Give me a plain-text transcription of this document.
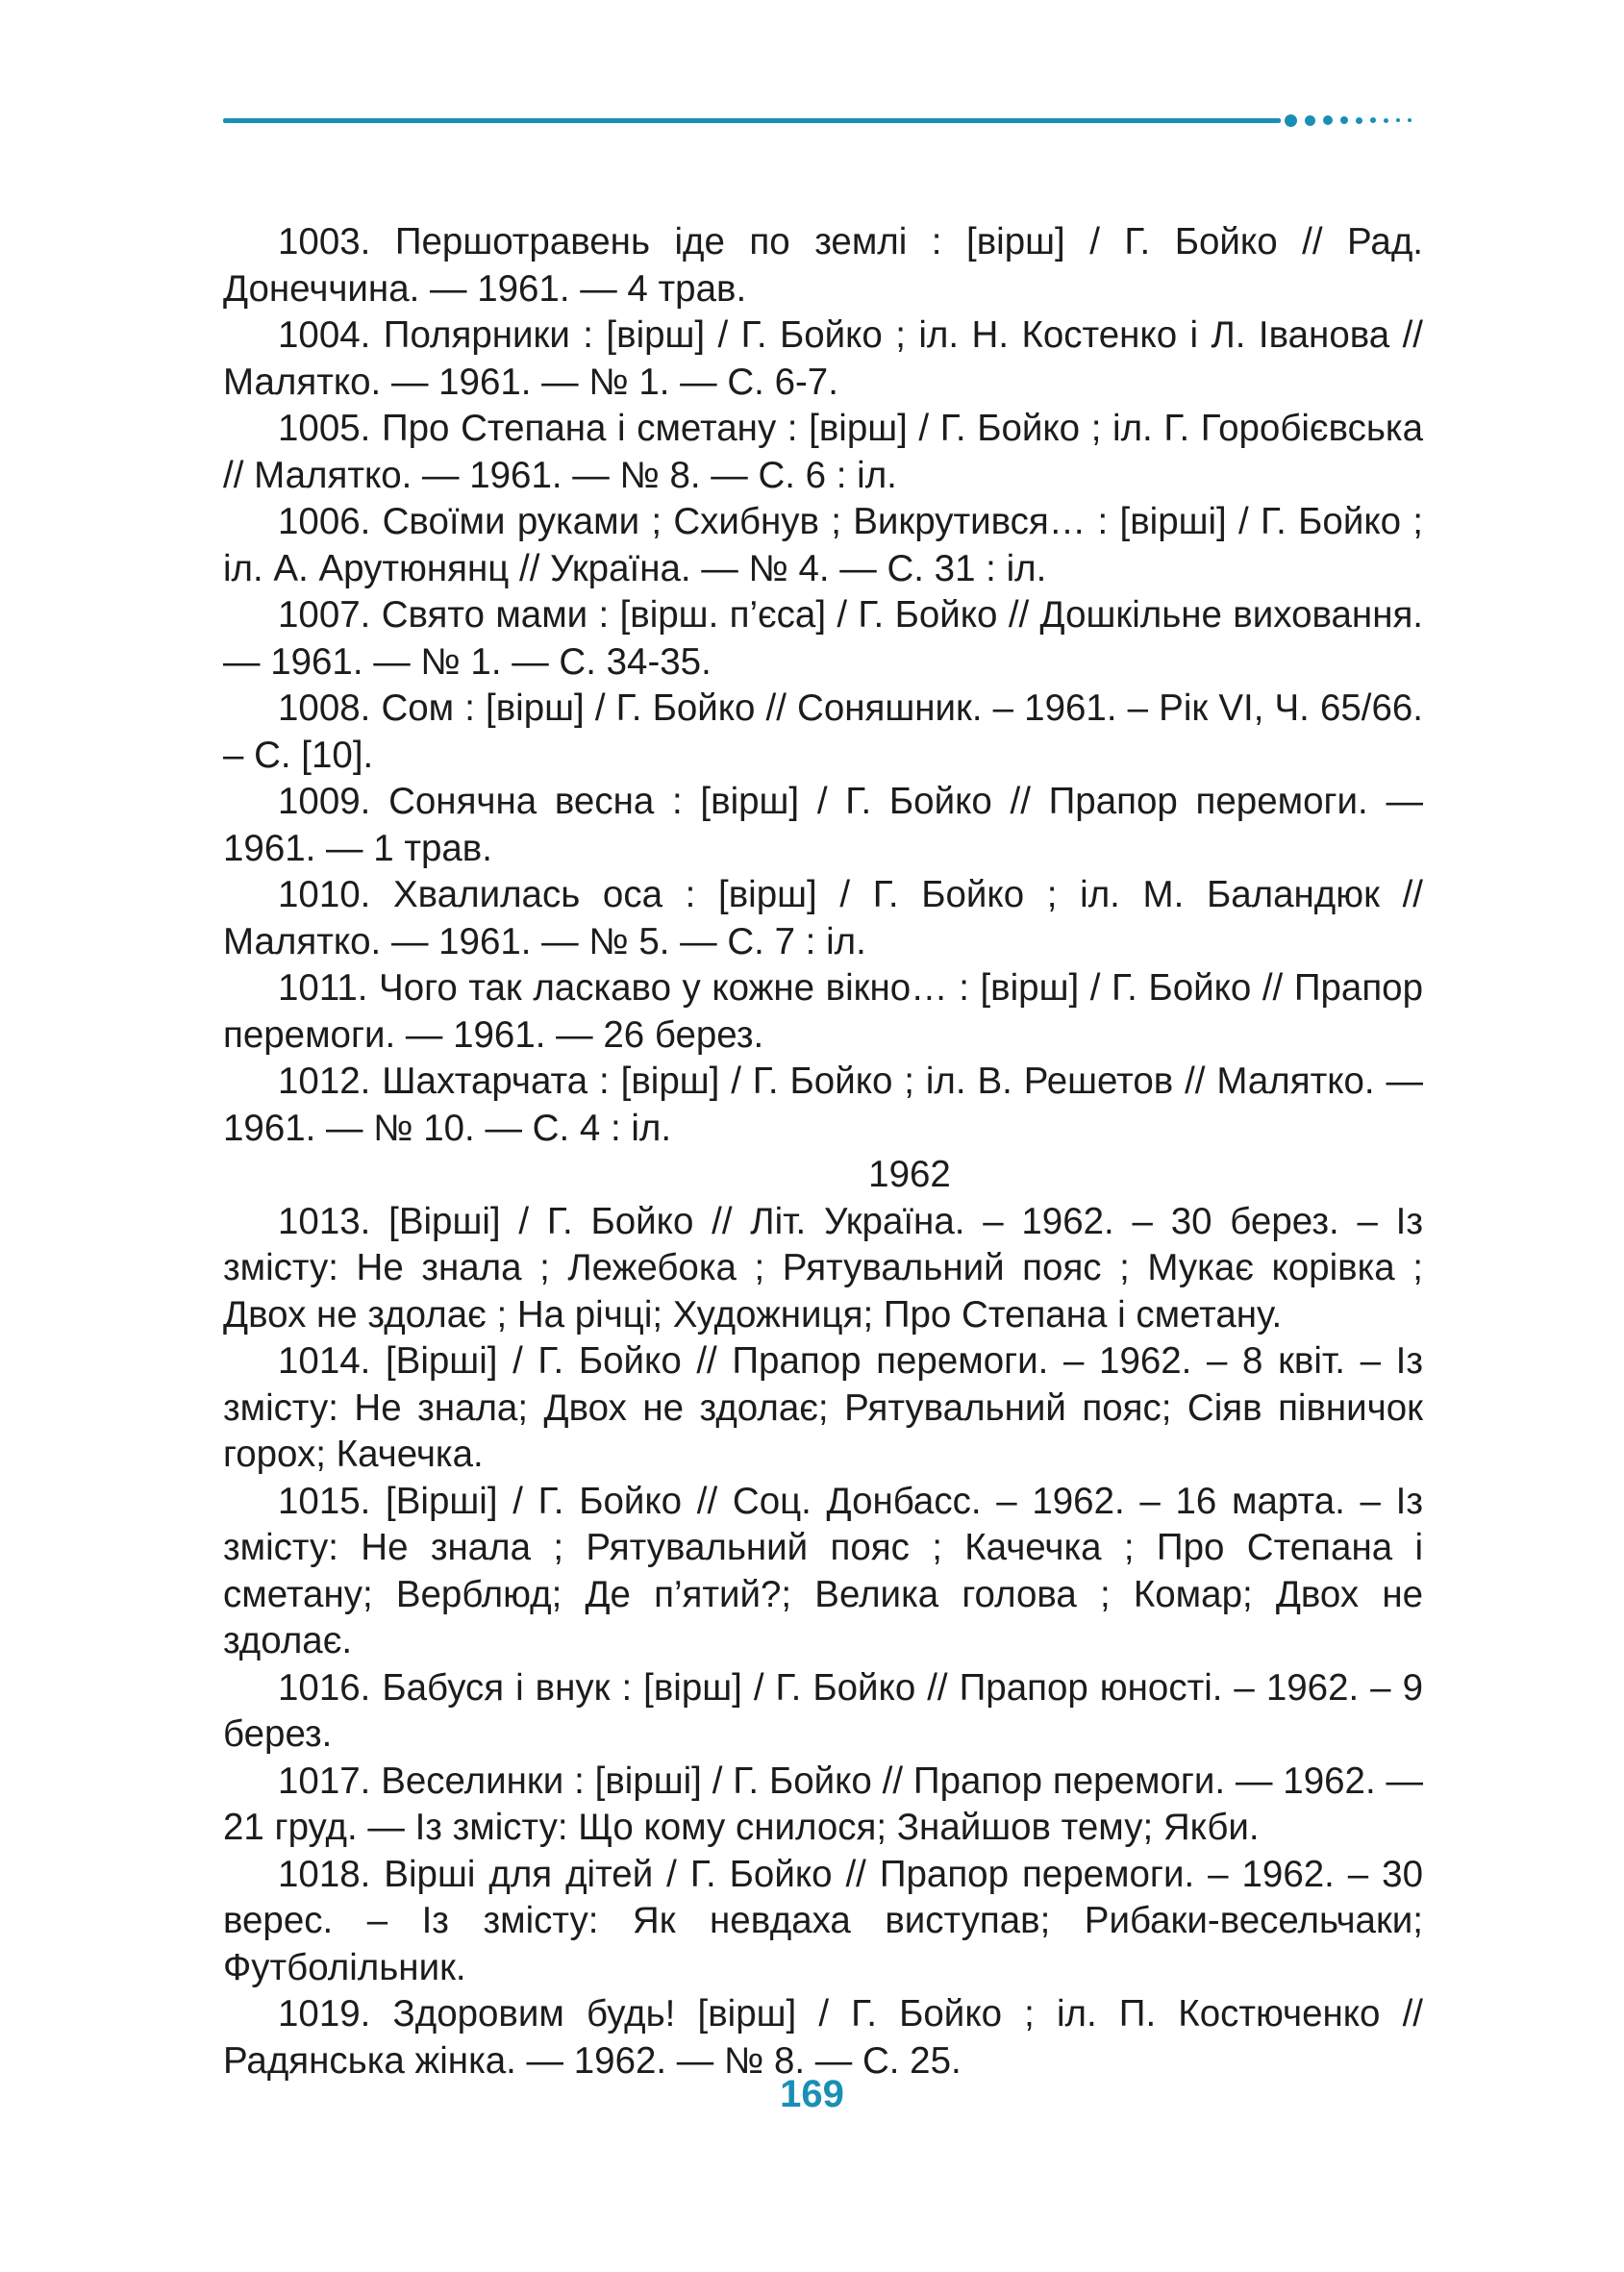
1003. Першотравень іде по землі : [вірш] / Г. Бойко // Рад. Донеччина. — 1961. — 4 трав.

1004. Полярники : [вірш] / Г. Бойко ; іл. Н. Костенко і Л. Іванова // Малятко. — 1961. — № 1. — С. 6-7.

1005. Про Степана і сметану : [вірш] / Г. Бойко ; іл. Г. Горобієвська // Малятко. — 1961. — № 8. — С. 6 : іл.

1006. Своїми руками ; Схибнув ; Викрутився… : [вірші] / Г. Бойко ; іл. А. Арутюнянц // Україна. — № 4. — С. 31 : іл.

1007. Свято мами : [вірш. п’єса] / Г. Бойко // Дошкільне виховання. — 1961. — № 1. — С. 34-35.

1008. Сом : [вірш] / Г. Бойко // Соняшник. – 1961. – Рік VI, Ч. 65/66. – С. [10].

1009. Сонячна весна : [вірш] / Г. Бойко // Прапор перемоги. — 1961. — 1 трав.

1010. Хвалилась оса : [вірш] / Г. Бойко ; іл. М. Баландюк // Малятко. — 1961. — № 5. — С. 7 : іл.

1011. Чого так ласкаво у кожне вікно… : [вірш] / Г. Бойко // Прапор перемоги. — 1961. — 26 берез.

1012. Шахтарчата : [вірш] / Г. Бойко ; іл. В. Решетов // Малятко. — 1961. — № 10. — С. 4 : іл.

1962

1013. [Вірші] / Г. Бойко // Літ. Україна. – 1962. – 30 берез. – Із змісту: Не знала ; Лежебока ; Рятувальний пояс ; Мукає корівка ; Двох не здолає ; На річці; Художниця; Про Степана і сметану.

1014. [Вірші] / Г. Бойко // Прапор перемоги. – 1962. – 8 квіт. – Із змісту: Не знала; Двох не здолає; Рятувальний пояс; Сіяв півничок горох; Качечка.

1015. [Вірші] / Г. Бойко // Соц. Донбасс. – 1962. – 16 марта. – Із змісту: Не знала ; Рятувальний пояс ; Качечка ; Про Степана і сметану; Верблюд; Де п’ятий?; Велика голова ; Комар; Двох не здолає.

1016. Бабуся і внук : [вірш] / Г. Бойко // Прапор юності. – 1962. – 9 берез.

1017. Веселинки : [вірші] / Г. Бойко // Прапор перемоги. — 1962. — 21 груд. — Із змісту: Що кому снилося; Знайшов тему; Якби.

1018. Вірші для дітей / Г. Бойко // Прапор перемоги. – 1962. – 30 верес. – Із змісту: Як невдаха виступав; Рибаки-весельчаки; Футболільник.

1019. Здоровим будь! [вірш] / Г. Бойко ; іл. П. Костюченко // Радянська жінка. — 1962. — № 8. — С. 25.

169
